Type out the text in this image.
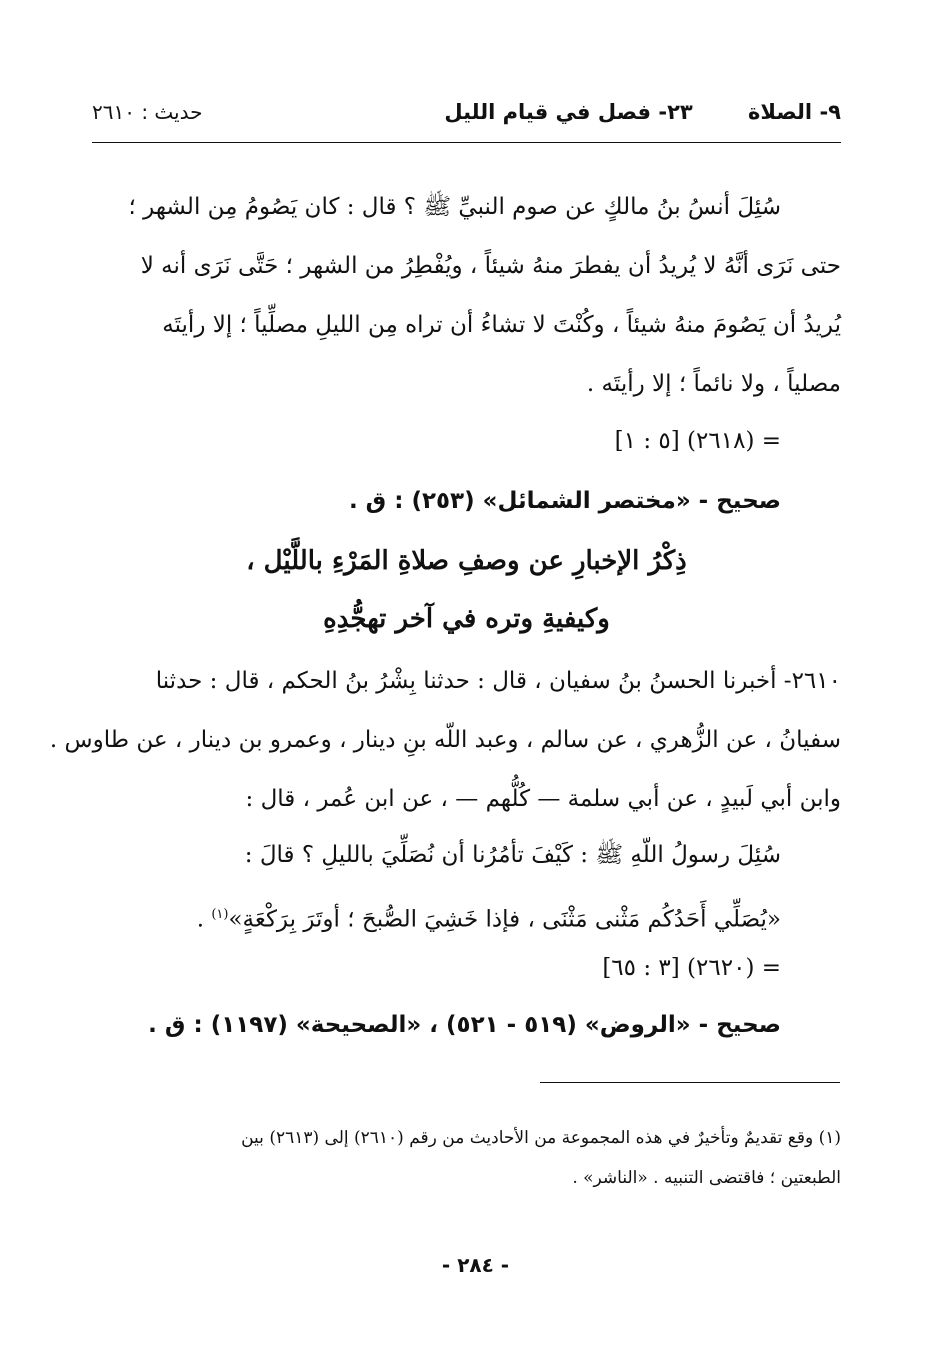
٩- الصلاة ٢٣- فصل في قيام الليل
حديث : ٢٦١٠
سُئِلَ أنسُ بنُ مالكٍ عن صوم النبيِّ ﷺ ؟ قال : كان يَصُومُ مِن الشهر ؛
حتى نَرَى أنَّهُ لا يُريدُ أن يفطرَ منهُ شيئاً ، ويُفْطِرُ من الشهر ؛ حَتَّى نَرَى أنه لا
يُريدُ أن يَصُومَ منهُ شيئاً ، وكُنْتَ لا تشاءُ أن تراه مِن الليلِ مصلِّياً ؛ إلا رأيتَه
مصلياً ، ولا نائماً ؛ إلا رأيتَه .
= (٢٦١٨) [٥ : ١]
صحيح - «مختصر الشمائل» (٢٥٣) : ق .
ذِكْرُ الإخبارِ عن وصفِ صلاةِ المَرْءِ باللَّيْل ،
وكيفيةِ وتره في آخر تهجُّدِهِ
٢٦١٠- أخبرنا الحسنُ بنُ سفيان ، قال : حدثنا بِشْرُ بنُ الحكم ، قال : حدثنا
سفيانُ ، عن الزُّهري ، عن سالم ، وعبد اللّه بنِ دينار ، وعمرو بن دينار ، عن طاوس .
وابن أبي لَبيدٍ ، عن أبي سلمة — كُلُّهم — ، عن ابن عُمر ، قال :
سُئِلَ رسولُ اللّهِ ﷺ : كَيْفَ تأمُرُنا أن نُصَلِّيَ بالليلِ ؟ قالَ :
«يُصَلِّي أَحَدُكُم مَثْنى مَثْنَى ، فإذا خَشِيَ الصُّبحَ ؛ أوتَرَ بِرَكْعَةٍ»$^{(١)}$ .
= (٢٦٢٠) [٣ : ٦٥]
صحيح - «الروض» (٥١٩ - ٥٢١) ، «الصحيحة» (١١٩٧) : ق .
(١) وقع تقديمٌ وتأخيرٌ في هذه المجموعة من الأحاديث من رقم (٢٦١٠) إلى (٢٦١٣) بين
الطبعتين ؛ فاقتضى التنبيه . «الناشر» .
- ٢٨٤ -
